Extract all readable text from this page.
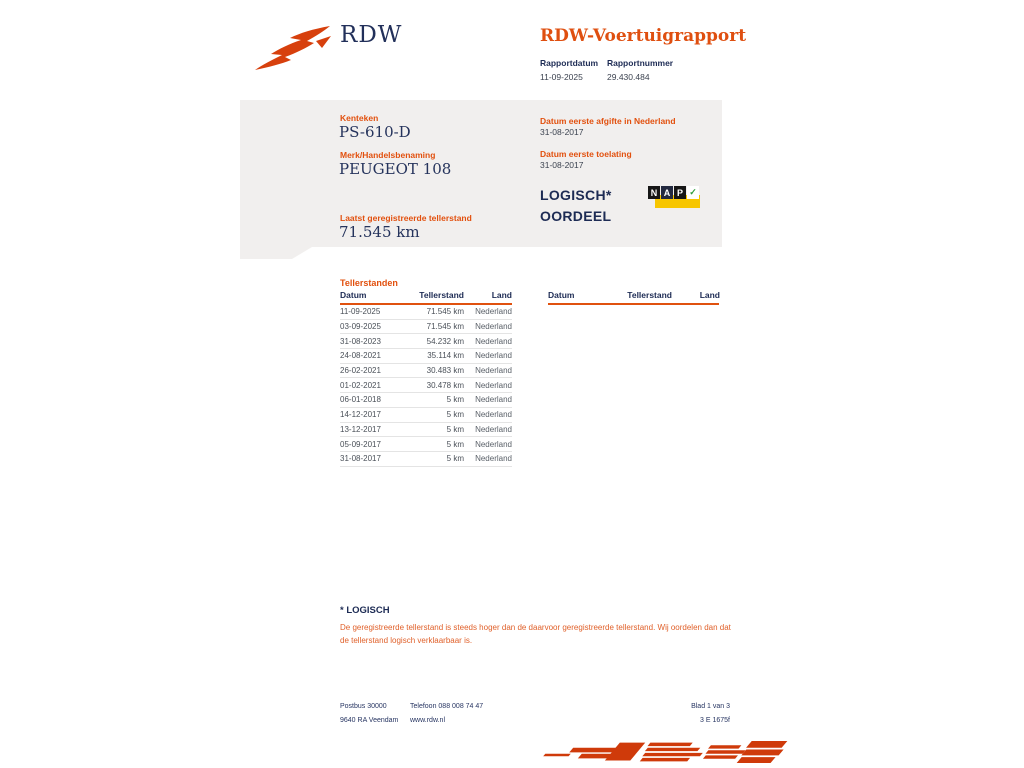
RDW	RDW-Voertuigrapport
Rapportdatum
11-09-2025
Rapportnummer
29.430.484
Kenteken
PS-610-D
Merk/Handelsbenaming
PEUGEOT 108
Laatst geregistreerde tellerstand
71.545 km
Datum eerste afgifte in Nederland
31-08-2017
Datum eerste toelating
31-08-2017
LOGISCH*
OORDEEL
N A P ✓
Tellerstanden
Datum	Tellerstand	Land
11-09-2025	71.545 km	Nederland
03-09-2025	71.545 km	Nederland
31-08-2023	54.232 km	Nederland
24-08-2021	35.114 km	Nederland
26-02-2021	30.483 km	Nederland
01-02-2021	30.478 km	Nederland
06-01-2018	5 km	Nederland
14-12-2017	5 km	Nederland
13-12-2017	5 km	Nederland
05-09-2017	5 km	Nederland
31-08-2017	5 km	Nederland
Datum	Tellerstand	Land
* LOGISCH
De geregistreerde tellerstand is steeds hoger dan de daarvoor geregistreerde tellerstand. Wij oordelen dan dat de tellerstand logisch verklaarbaar is.
Postbus 30000
9640 RA Veendam
Telefoon 088 008 74 47
www.rdw.nl
Blad 1 van 3
3 E 1675f
